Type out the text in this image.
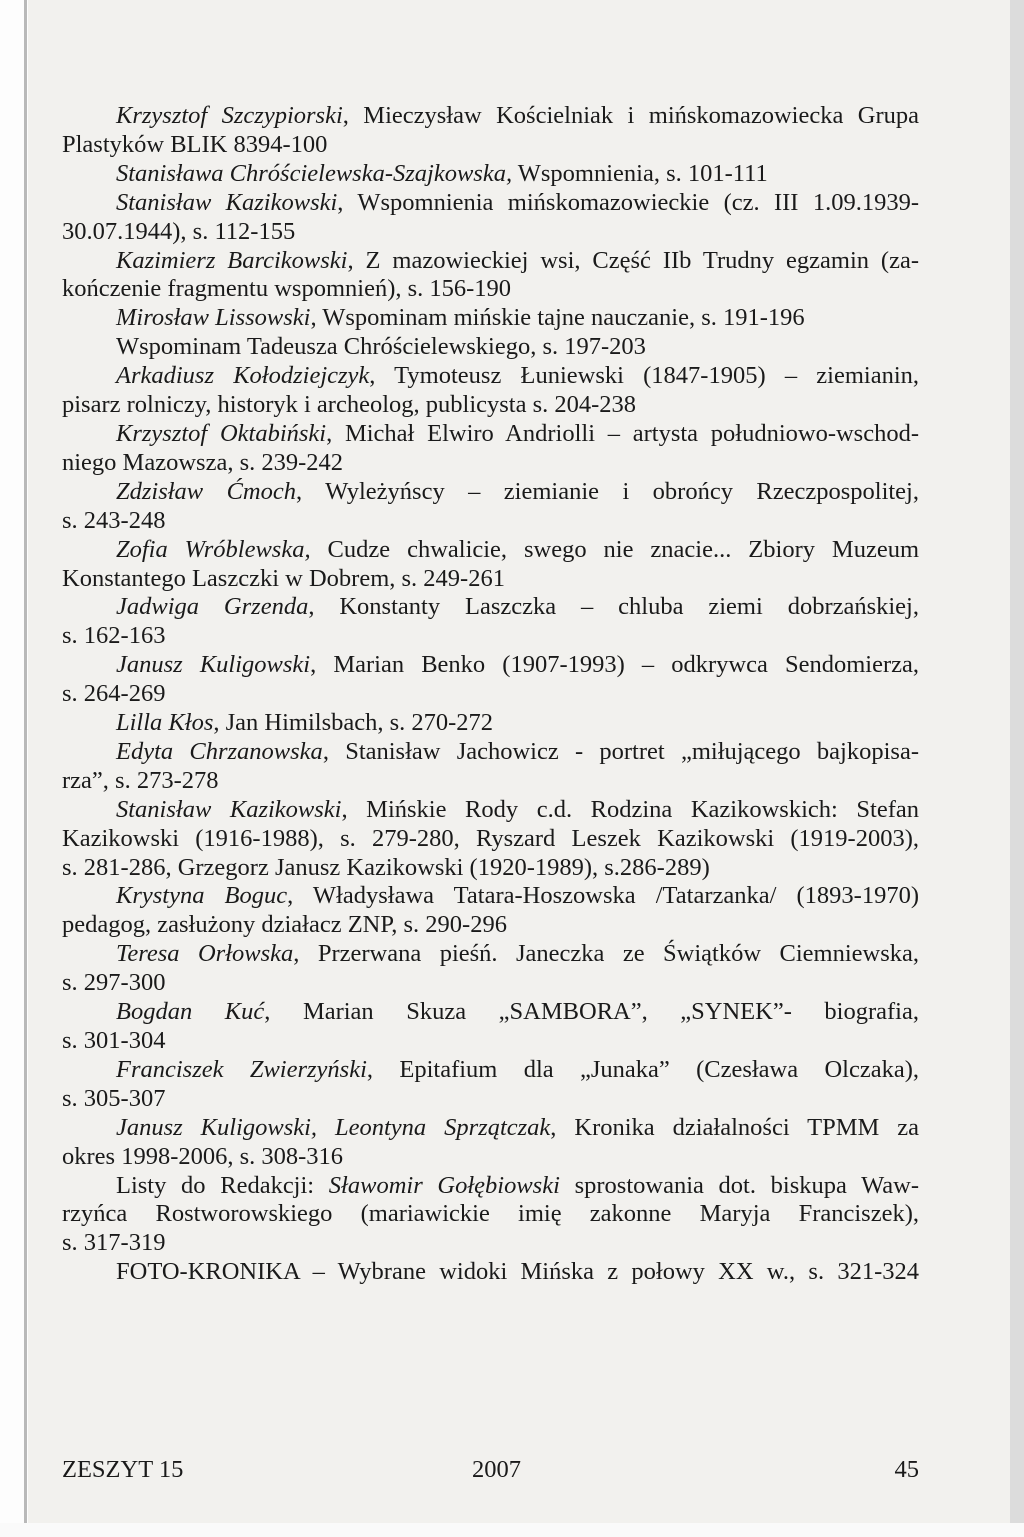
Krzysztof Szczypiorski, Mieczysław Kościelniak i mińskomazowiecka Grupa
Plastyków BLIK 8394-100
Stanisława Chróścielewska-Szajkowska, Wspomnienia, s. 101-111
Stanisław Kazikowski, Wspomnienia mińskomazowieckie (cz. III 1.09.1939-
30.07.1944), s. 112-155
Kazimierz Barcikowski, Z mazowieckiej wsi, Część IIb Trudny egzamin (za-
kończenie fragmentu wspomnień), s. 156-190
Mirosław Lissowski, Wspominam mińskie tajne nauczanie, s. 191-196
Wspominam Tadeusza Chróścielewskiego, s. 197-203
Arkadiusz Kołodziejczyk, Tymoteusz Łuniewski (1847-1905) – ziemianin,
pisarz rolniczy, historyk i archeolog, publicysta s. 204-238
Krzysztof Oktabiński, Michał Elwiro Andriolli – artysta południowo-wschod-
niego Mazowsza, s. 239-242
Zdzisław Ćmoch, Wyleżyńscy – ziemianie i obrońcy Rzeczpospolitej,
s. 243-248
Zofia Wróblewska, Cudze chwalicie, swego nie znacie... Zbiory Muzeum
Konstantego Laszczki w Dobrem, s. 249-261
Jadwiga Grzenda, Konstanty Laszczka – chluba ziemi dobrzańskiej,
s. 162-163
Janusz Kuligowski, Marian Benko (1907-1993) – odkrywca Sendomierza,
s. 264-269
Lilla Kłos, Jan Himilsbach, s. 270-272
Edyta Chrzanowska, Stanisław Jachowicz - portret „miłującego bajkopisa-
rza”, s. 273-278
Stanisław Kazikowski, Mińskie Rody c.d. Rodzina Kazikowskich: Stefan
Kazikowski (1916-1988), s. 279-280, Ryszard Leszek Kazikowski (1919-2003),
s. 281-286, Grzegorz Janusz Kazikowski (1920-1989), s.286-289)
Krystyna Boguc, Władysława Tatara-Hoszowska /Tatarzanka/ (1893-1970)
pedagog, zasłużony działacz ZNP, s. 290-296
Teresa Orłowska, Przerwana pieśń. Janeczka ze Świątków Ciemniewska,
s. 297-300
Bogdan Kuć, Marian Skuza „SAMBORA”, „SYNEK”- biografia,
s. 301-304
Franciszek Zwierzyński, Epitafium dla „Junaka” (Czesława Olczaka),
s. 305-307
Janusz Kuligowski, Leontyna Sprzątczak, Kronika działalności TPMM za
okres 1998-2006, s. 308-316
Listy do Redakcji: Sławomir Gołębiowski sprostowania dot. biskupa Waw-
rzyńca Rostworowskiego (mariawickie imię zakonne Maryja Franciszek),
s. 317-319
FOTO-KRONIKA – Wybrane widoki Mińska z połowy XX w., s. 321-324
ZESZYT 15	2007	45
